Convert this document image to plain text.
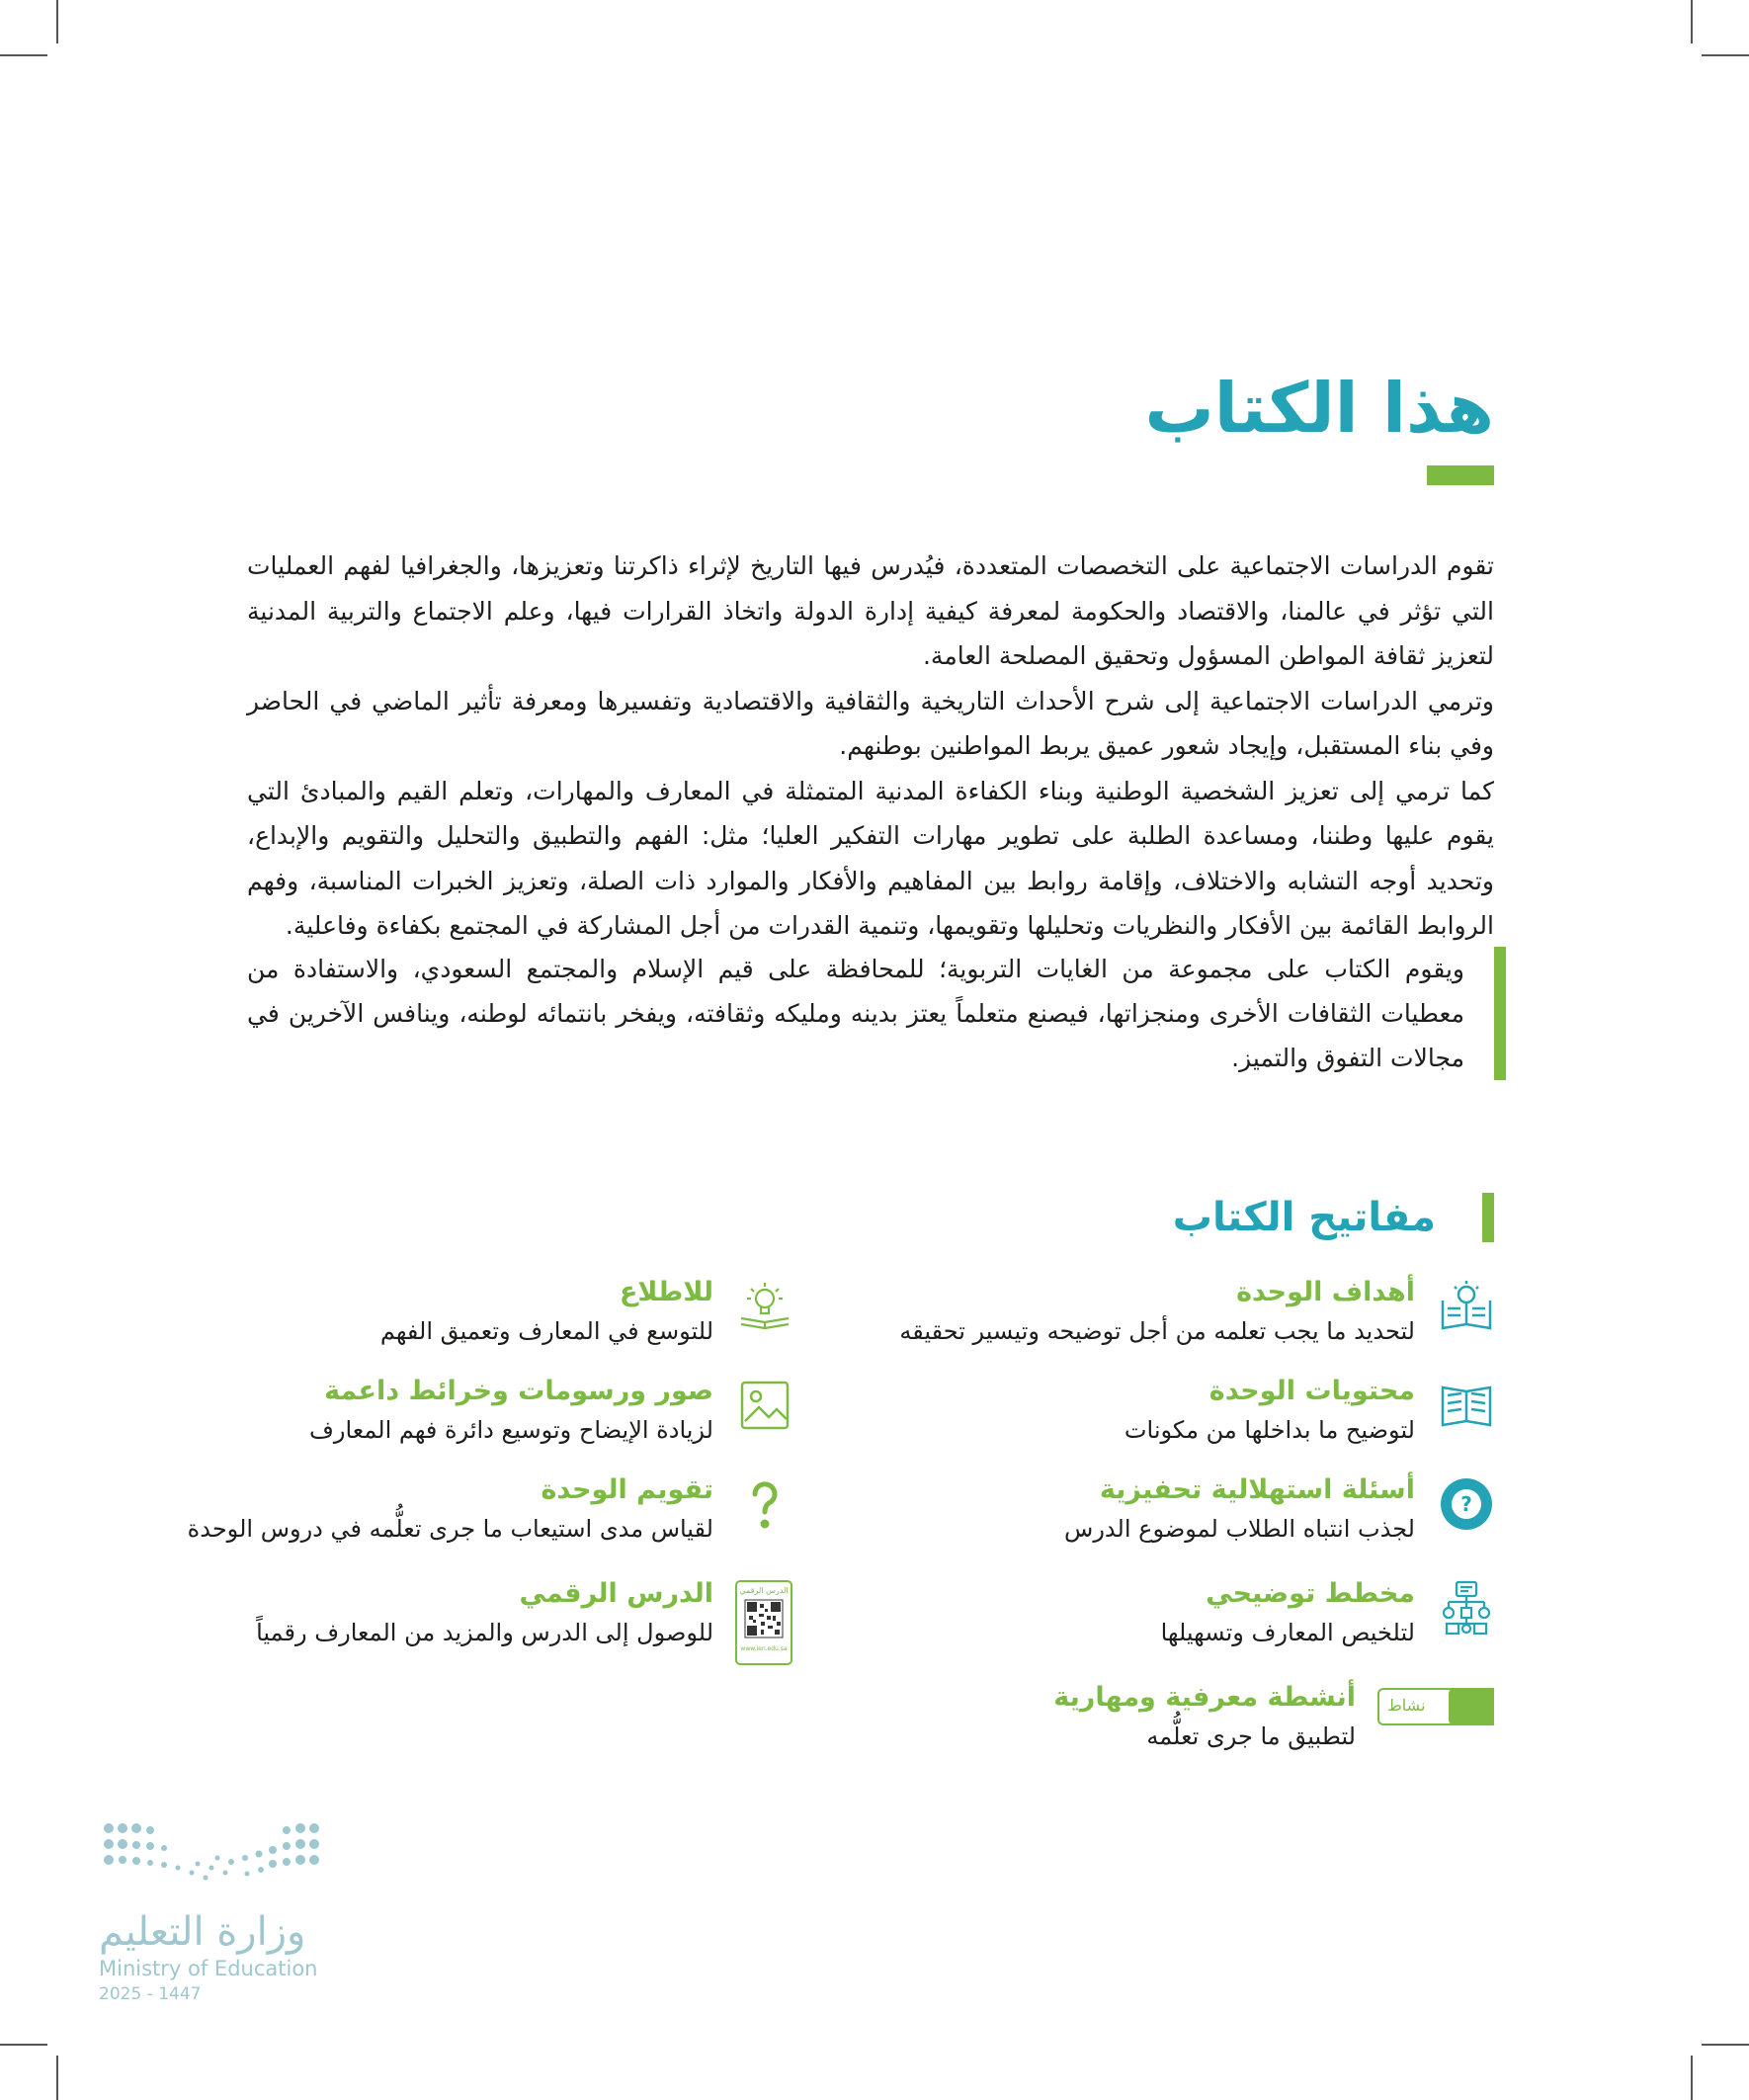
هذا الكتاب

تقوم الدراسات الاجتماعية على التخصصات المتعددة، فيُدرس فيها التاريخ لإثراء ذاكرتنا وتعزيزها، والجغرافيا لفهم العمليات التي تؤثر في عالمنا، والاقتصاد والحكومة لمعرفة كيفية إدارة الدولة واتخاذ القرارات فيها، وعلم الاجتماع والتربية المدنية لتعزيز ثقافة المواطن المسؤول وتحقيق المصلحة العامة.

وترمي الدراسات الاجتماعية إلى شرح الأحداث التاريخية والثقافية والاقتصادية وتفسيرها ومعرفة تأثير الماضي في الحاضر وفي بناء المستقبل، وإيجاد شعور عميق يربط المواطنين بوطنهم.

كما ترمي إلى تعزيز الشخصية الوطنية وبناء الكفاءة المدنية المتمثلة في المعارف والمهارات، وتعلم القيم والمبادئ التي يقوم عليها وطننا، ومساعدة الطلبة على تطوير مهارات التفكير العليا؛ مثل: الفهم والتطبيق والتحليل والتقويم والإبداع، وتحديد أوجه التشابه والاختلاف، وإقامة روابط بين المفاهيم والأفكار والموارد ذات الصلة، وتعزيز الخبرات المناسبة، وفهم الروابط القائمة بين الأفكار والنظريات وتحليلها وتقويمها، وتنمية القدرات من أجل المشاركة في المجتمع بكفاءة وفاعلية.

ويقوم الكتاب على مجموعة من الغايات التربوية؛ للمحافظة على قيم الإسلام والمجتمع السعودي، والاستفادة من معطيات الثقافات الأخرى ومنجزاتها، فيصنع متعلماً يعتز بدينه ومليكه وثقافته، ويفخر بانتمائه لوطنه، وينافس الآخرين في مجالات التفوق والتميز.

مفاتيح الكتاب
أهداف الوحدة
لتحديد ما يجب تعلمه من أجل توضيحه وتيسير تحقيقه
محتويات الوحدة
لتوضيح ما بداخلها من مكونات
?
أسئلة استهلالية تحفيزية
لجذب انتباه الطلاب لموضوع الدرس
مخطط توضيحي
لتلخيص المعارف وتسهيلها
نشاط
أنشطة معرفية ومهارية
لتطبيق ما جرى تعلُّمه
للاطلاع
للتوسع في المعارف وتعميق الفهم
صور ورسومات وخرائط داعمة
لزيادة الإيضاح وتوسيع دائرة فهم المعارف
تقويم الوحدة
لقياس مدى استيعاب ما جرى تعلُّمه في دروس الوحدة
الدرس الرقمي
www.ien.edu.sa
الدرس الرقمي
للوصول إلى الدرس والمزيد من المعارف رقمياً
وزارة التعليم
Ministry of Education
2025 - 1447
